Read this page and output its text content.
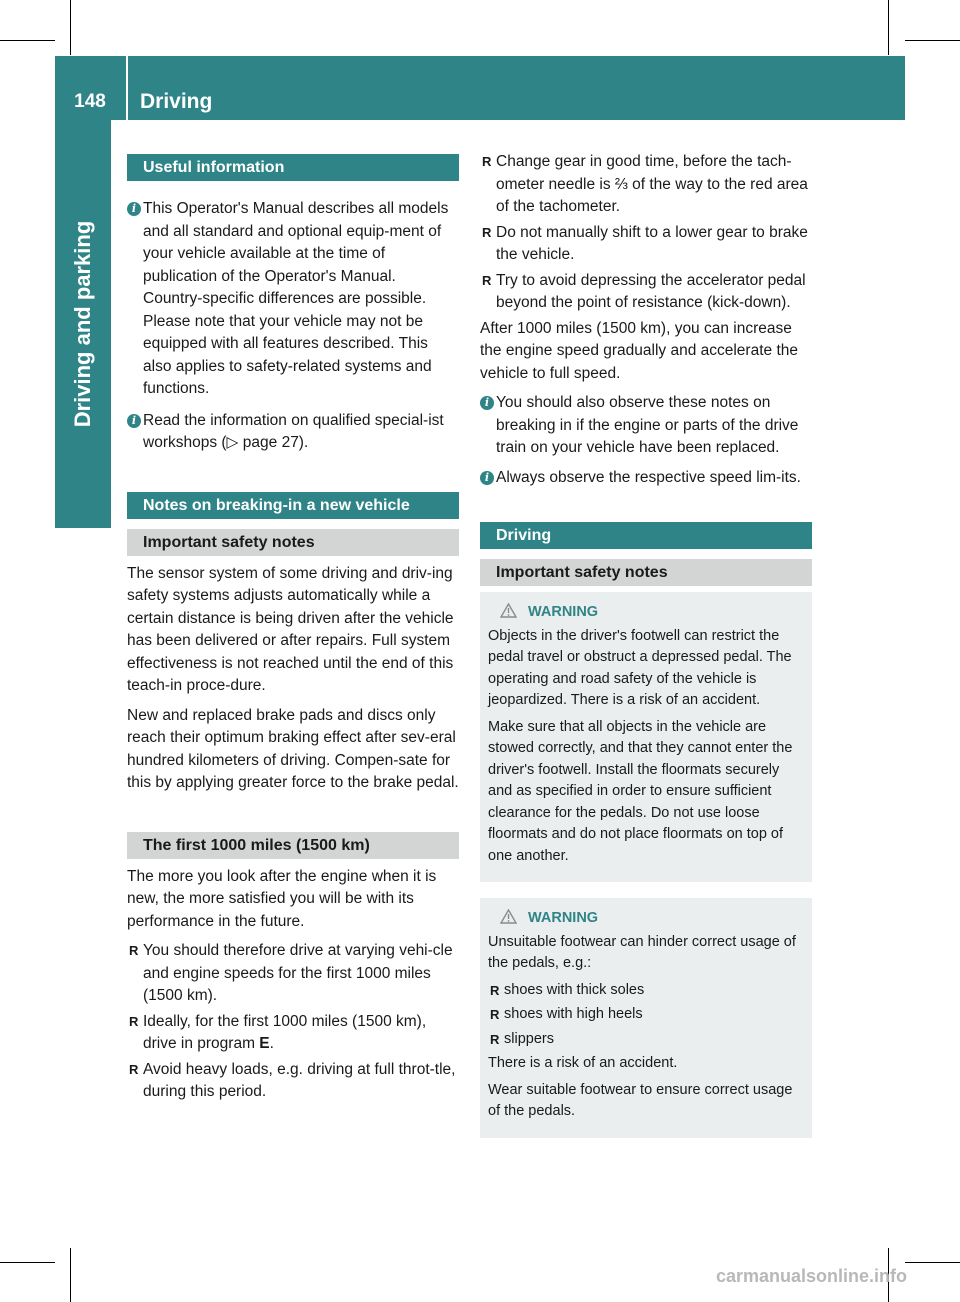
148	Driving
Driving and parking
Useful information
i This Operator's Manual describes all models and all standard and optional equip-ment of your vehicle available at the time of publication of the Operator's Manual. Country-specific differences are possible. Please note that your vehicle may not be equipped with all features described. This also applies to safety-related systems and functions.
i Read the information on qualified special-ist workshops (▷ page 27).
Notes on breaking-in a new vehicle
Important safety notes

The sensor system of some driving and driv-ing safety systems adjusts automatically while a certain distance is being driven after the vehicle has been delivered or after repairs. Full system effectiveness is not reached until the end of this teach-in proce-dure.

New and replaced brake pads and discs only reach their optimum braking effect after sev-eral hundred kilometers of driving. Compen-sate for this by applying greater force to the brake pedal.

The first 1000 miles (1500 km)

The more you look after the engine when it is new, the more satisfied you will be with its performance in the future.

R You should therefore drive at varying vehi-cle and engine speeds for the first 1000 miles (1500 km).
R Ideally, for the first 1000 miles (1500 km), drive in program E.
R Avoid heavy loads, e.g. driving at full throt-tle, during this period.
R Change gear in good time, before the tach-ometer needle is ⅔ of the way to the red area of the tachometer.
R Do not manually shift to a lower gear to brake the vehicle.
R Try to avoid depressing the accelerator pedal beyond the point of resistance (kick-down).

After 1000 miles (1500 km), you can increase the engine speed gradually and accelerate the vehicle to full speed.

i You should also observe these notes on breaking in if the engine or parts of the drive train on your vehicle have been replaced.
i Always observe the respective speed lim-its.
Driving
Important safety notes
WARNING

Objects in the driver's footwell can restrict the pedal travel or obstruct a depressed pedal. The operating and road safety of the vehicle is jeopardized. There is a risk of an accident.

Make sure that all objects in the vehicle are stowed correctly, and that they cannot enter the driver's footwell. Install the floormats securely and as specified in order to ensure sufficient clearance for the pedals. Do not use loose floormats and do not place floormats on top of one another.

WARNING

Unsuitable footwear can hinder correct usage of the pedals, e.g.:

R shoes with thick soles
R shoes with high heels
R slippers

There is a risk of an accident.

Wear suitable footwear to ensure correct usage of the pedals.

carmanualsonline.info
